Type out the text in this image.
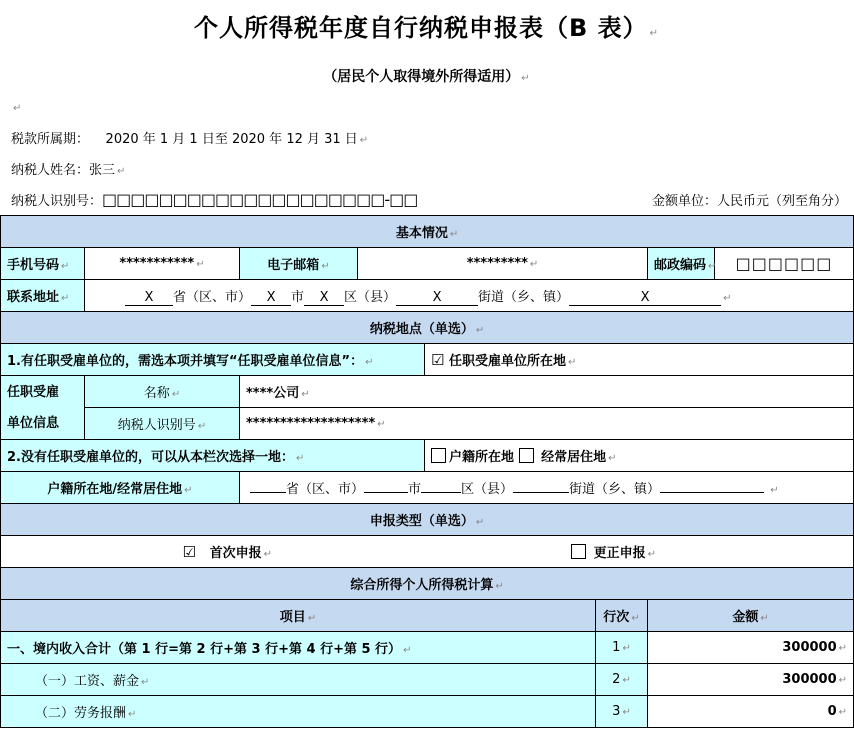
个人所得税年度自行纳税申报表（B 表） ↵
（居民个人取得境外所得适用） ↵
↵
税款所属期： 2020 年 1 月 1 日至 2020 年 12 月 31 日 ↵
纳税人姓名：张三 ↵
纳税人识别号：□□□□□□□□□□□□□□□□□□□□-□□	金额单位：人民币元（列至角分）
基本情况 ↵							
手机号码 ↵	*********** ↵	电子邮箱 ↵	********* ↵			邮政编码 ↵	□□□□□□
联系地址 ↵	X 省（区、市） X 市 X 区（县） X 街道（乡、镇） X ↵						
纳税地点（单选） ↵							
1.有任职受雇单位的，需选本项并填写“任职受雇单位信息”： ↵				☑ 任职受雇单位所在地 ↵			

任职受雇
单位信息	名称 ↵	****公司 ↵					
	纳税人识别号 ↵	******************* ↵					
2.没有任职受雇单位的，可以从本栏次选择一地： ↵				户籍所在地 经常居住地 ↵			
户籍所在地/经常居住地 ↵		省（区、市） 市 区（县） 街道（乡、镇） ↵					
申报类型（单选） ↵							
☑ 首次申报 ↵ 更正申报 ↵							
综合所得个人所得税计算 ↵							
项目 ↵					行次 ↵	金额 ↵	
一、境内收入合计（第 1 行=第 2 行+第 3 行+第 4 行+第 5 行） ↵					1 ↵	300000 ↵	
（一）工资、薪金 ↵					2 ↵	300000 ↵	
（二）劳务报酬 ↵					3 ↵	0 ↵	
